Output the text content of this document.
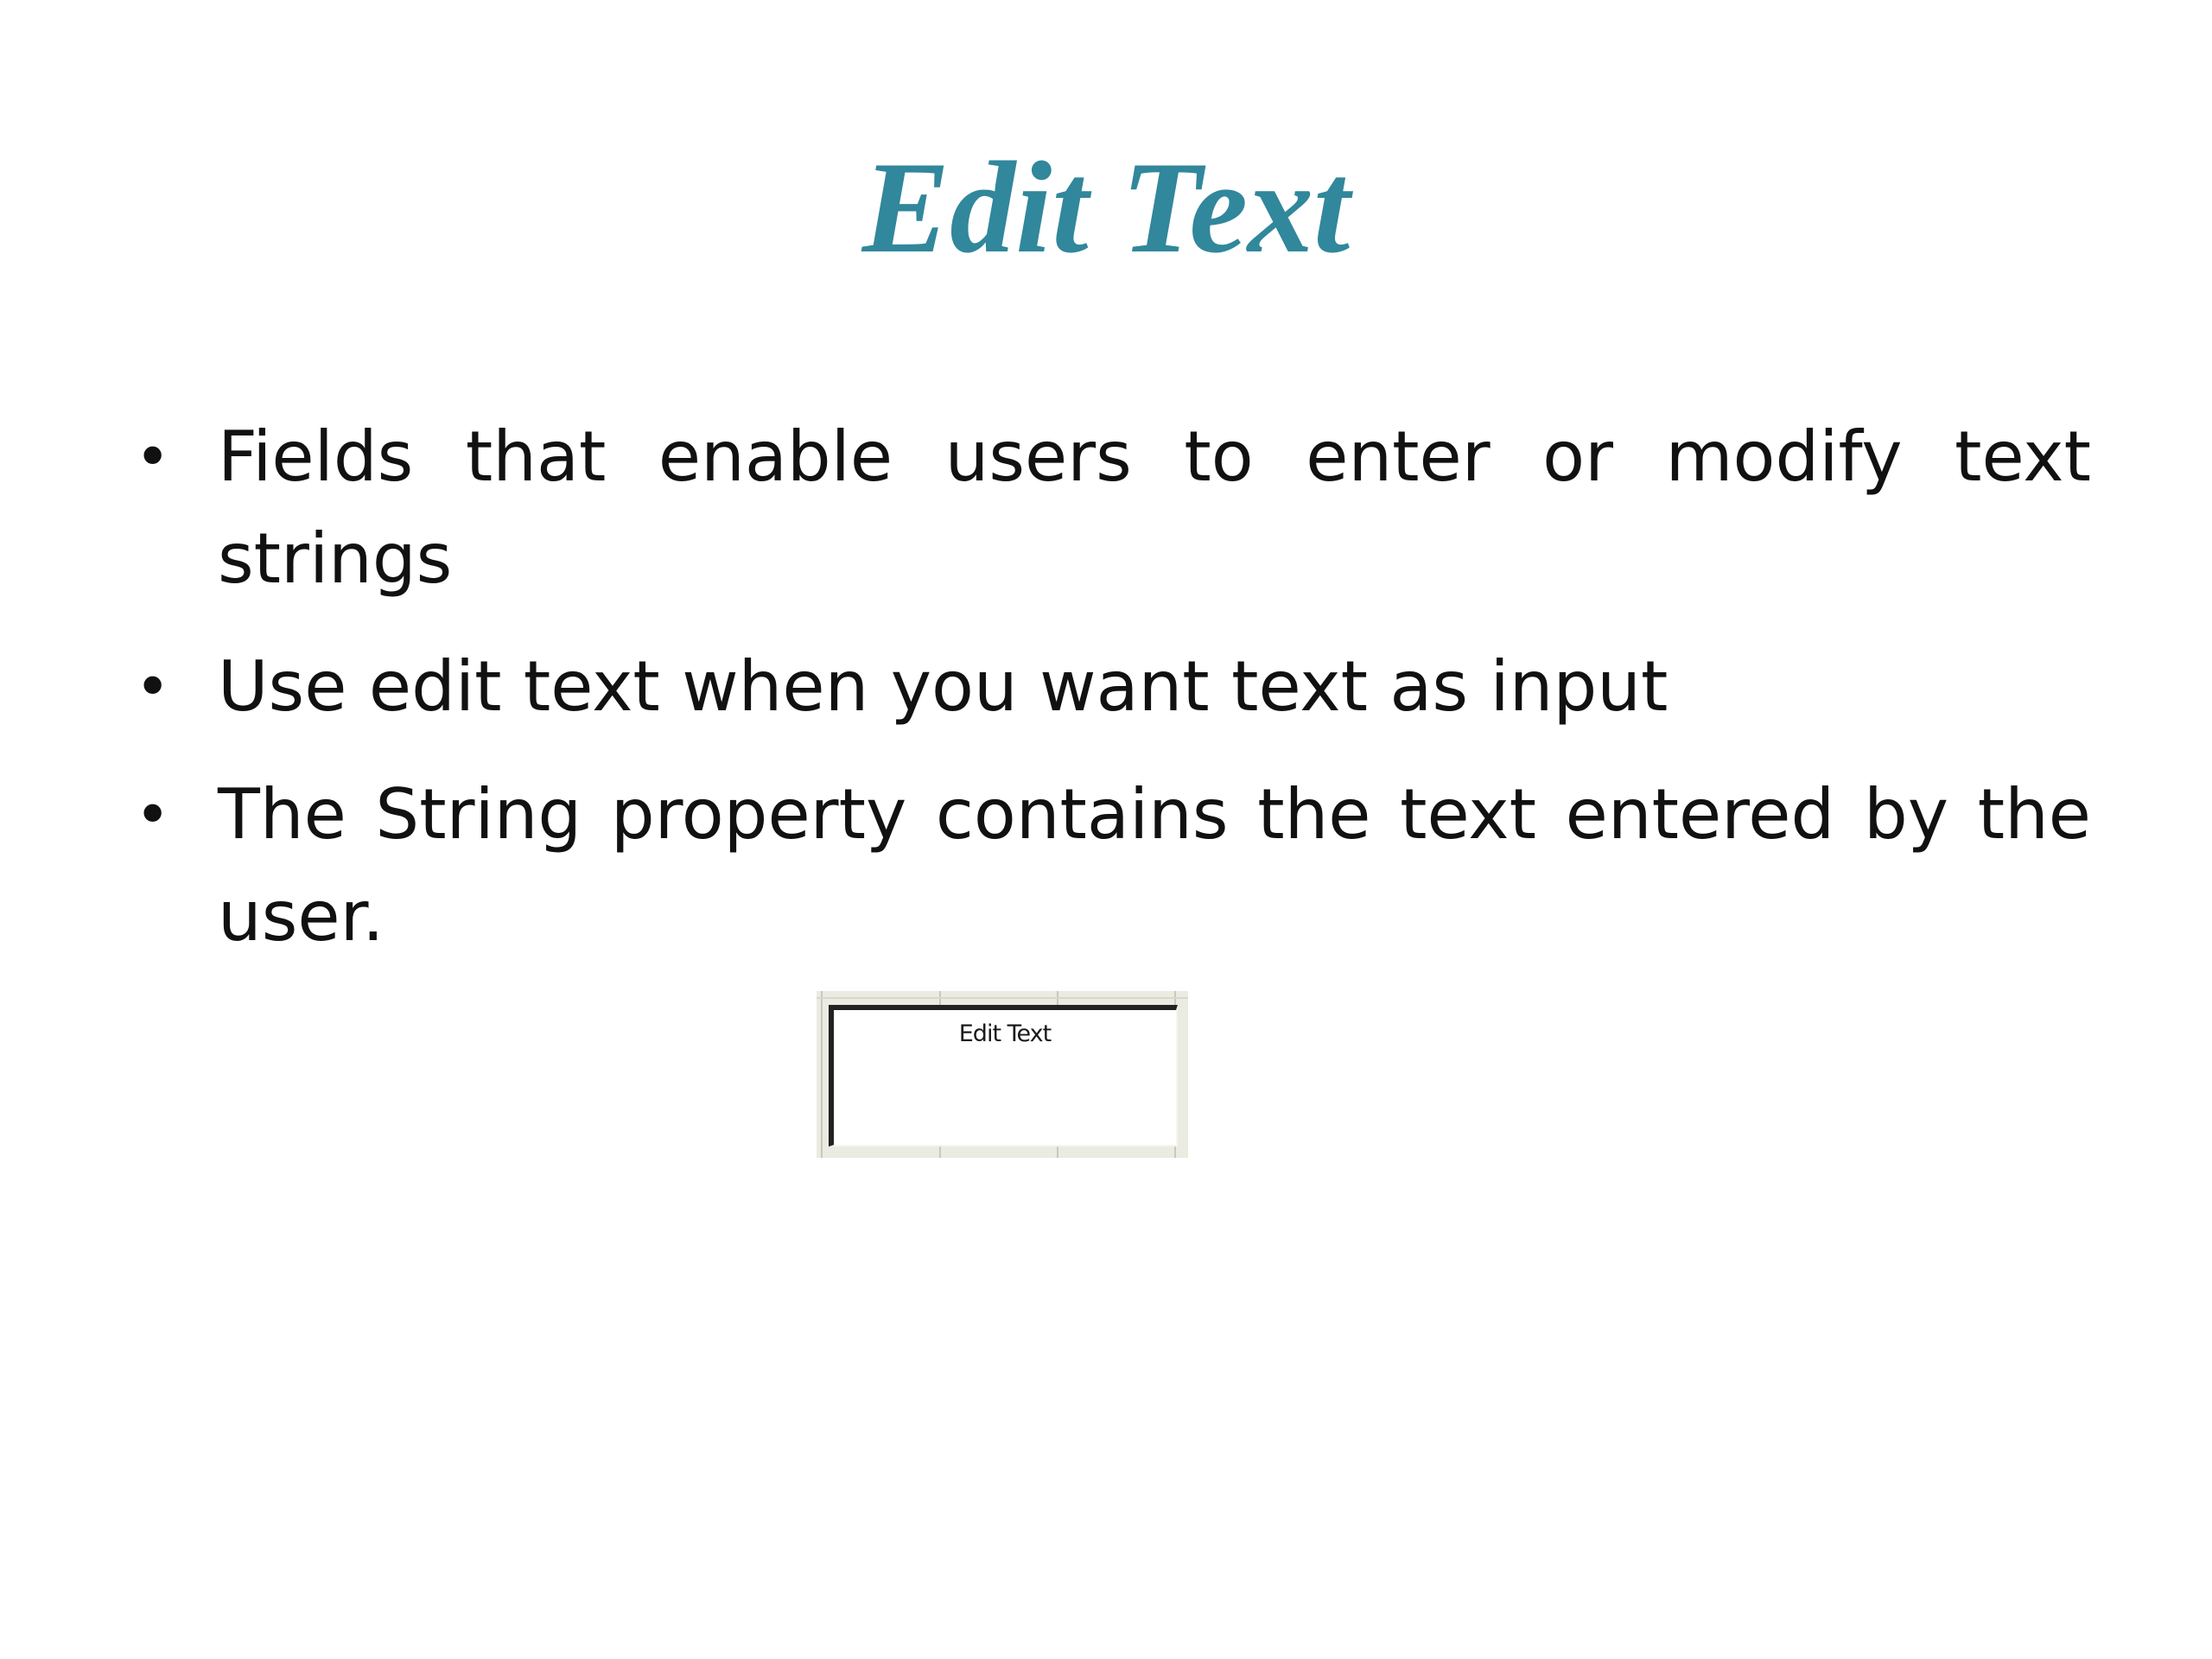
Edit Text
• Fields that enable users to enter or modify text strings
• Use edit text when you want text as input
• The String property contains the text entered by the user.
Edit Text
